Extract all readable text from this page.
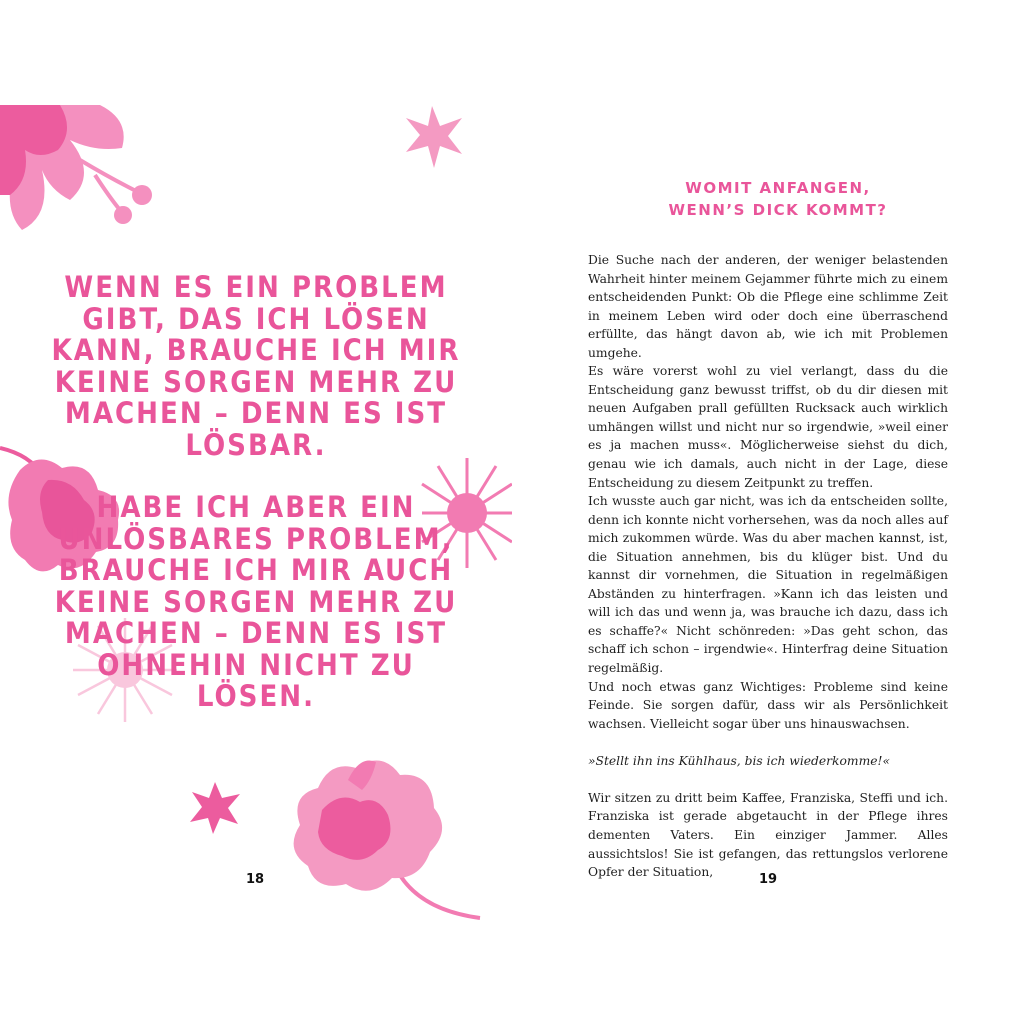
WENN ES EIN PROBLEM GIBT, DAS ICH LÖSEN KANN, BRAUCHE ICH MIR KEINE SORGEN MEHR ZU MACHEN – DENN ES IST LÖSBAR.

HABE ICH ABER EIN UNLÖSBARES PROBLEM, BRAUCHE ICH MIR AUCH KEINE SORGEN MEHR ZU MACHEN – DENN ES IST OHNEHIN NICHT ZU LÖSEN.

18
WOMIT ANFANGEN,
WENN’S DICK KOMMT?

Die Suche nach der anderen, der weniger belastenden Wahrheit hinter meinem Gejammer führte mich zu einem entscheidenden Punkt: Ob die Pflege eine schlimme Zeit in meinem Leben wird oder doch eine überraschend erfüllte, das hängt davon ab, wie ich mit Problemen umgehe.

Es wäre vorerst wohl zu viel verlangt, dass du die Entscheidung ganz bewusst triffst, ob du dir diesen mit neuen Aufgaben prall gefüllten Rucksack auch wirklich umhängen willst und nicht nur so irgendwie, »weil einer es ja machen muss«. Möglicherweise siehst du dich, genau wie ich damals, auch nicht in der Lage, diese Entscheidung zu diesem Zeitpunkt zu treffen.

Ich wusste auch gar nicht, was ich da entscheiden sollte, denn ich konnte nicht vorhersehen, was da noch alles auf mich zukommen würde. Was du aber machen kannst, ist, die Situation annehmen, bis du klüger bist. Und du kannst dir vornehmen, die Situation in regelmäßigen Abständen zu hinterfragen. »Kann ich das leisten und will ich das und wenn ja, was brauche ich dazu, dass ich es schaffe?« Nicht schönreden: »Das geht schon, das schaff ich schon – irgendwie«. Hinterfrag deine Situation regelmäßig.

Und noch etwas ganz Wichtiges: Probleme sind keine Feinde. Sie sorgen dafür, dass wir als Persönlichkeit wachsen. Vielleicht sogar über uns hinauswachsen.

»Stellt ihn ins Kühlhaus, bis ich wiederkomme!«

Wir sitzen zu dritt beim Kaffee, Franziska, Steffi und ich. Franziska ist gerade abgetaucht in der Pflege ihres dementen Vaters. Ein einziger Jammer. Alles aussichtslos! Sie ist gefangen, das rettungslos verlorene Opfer der Situation,	19
